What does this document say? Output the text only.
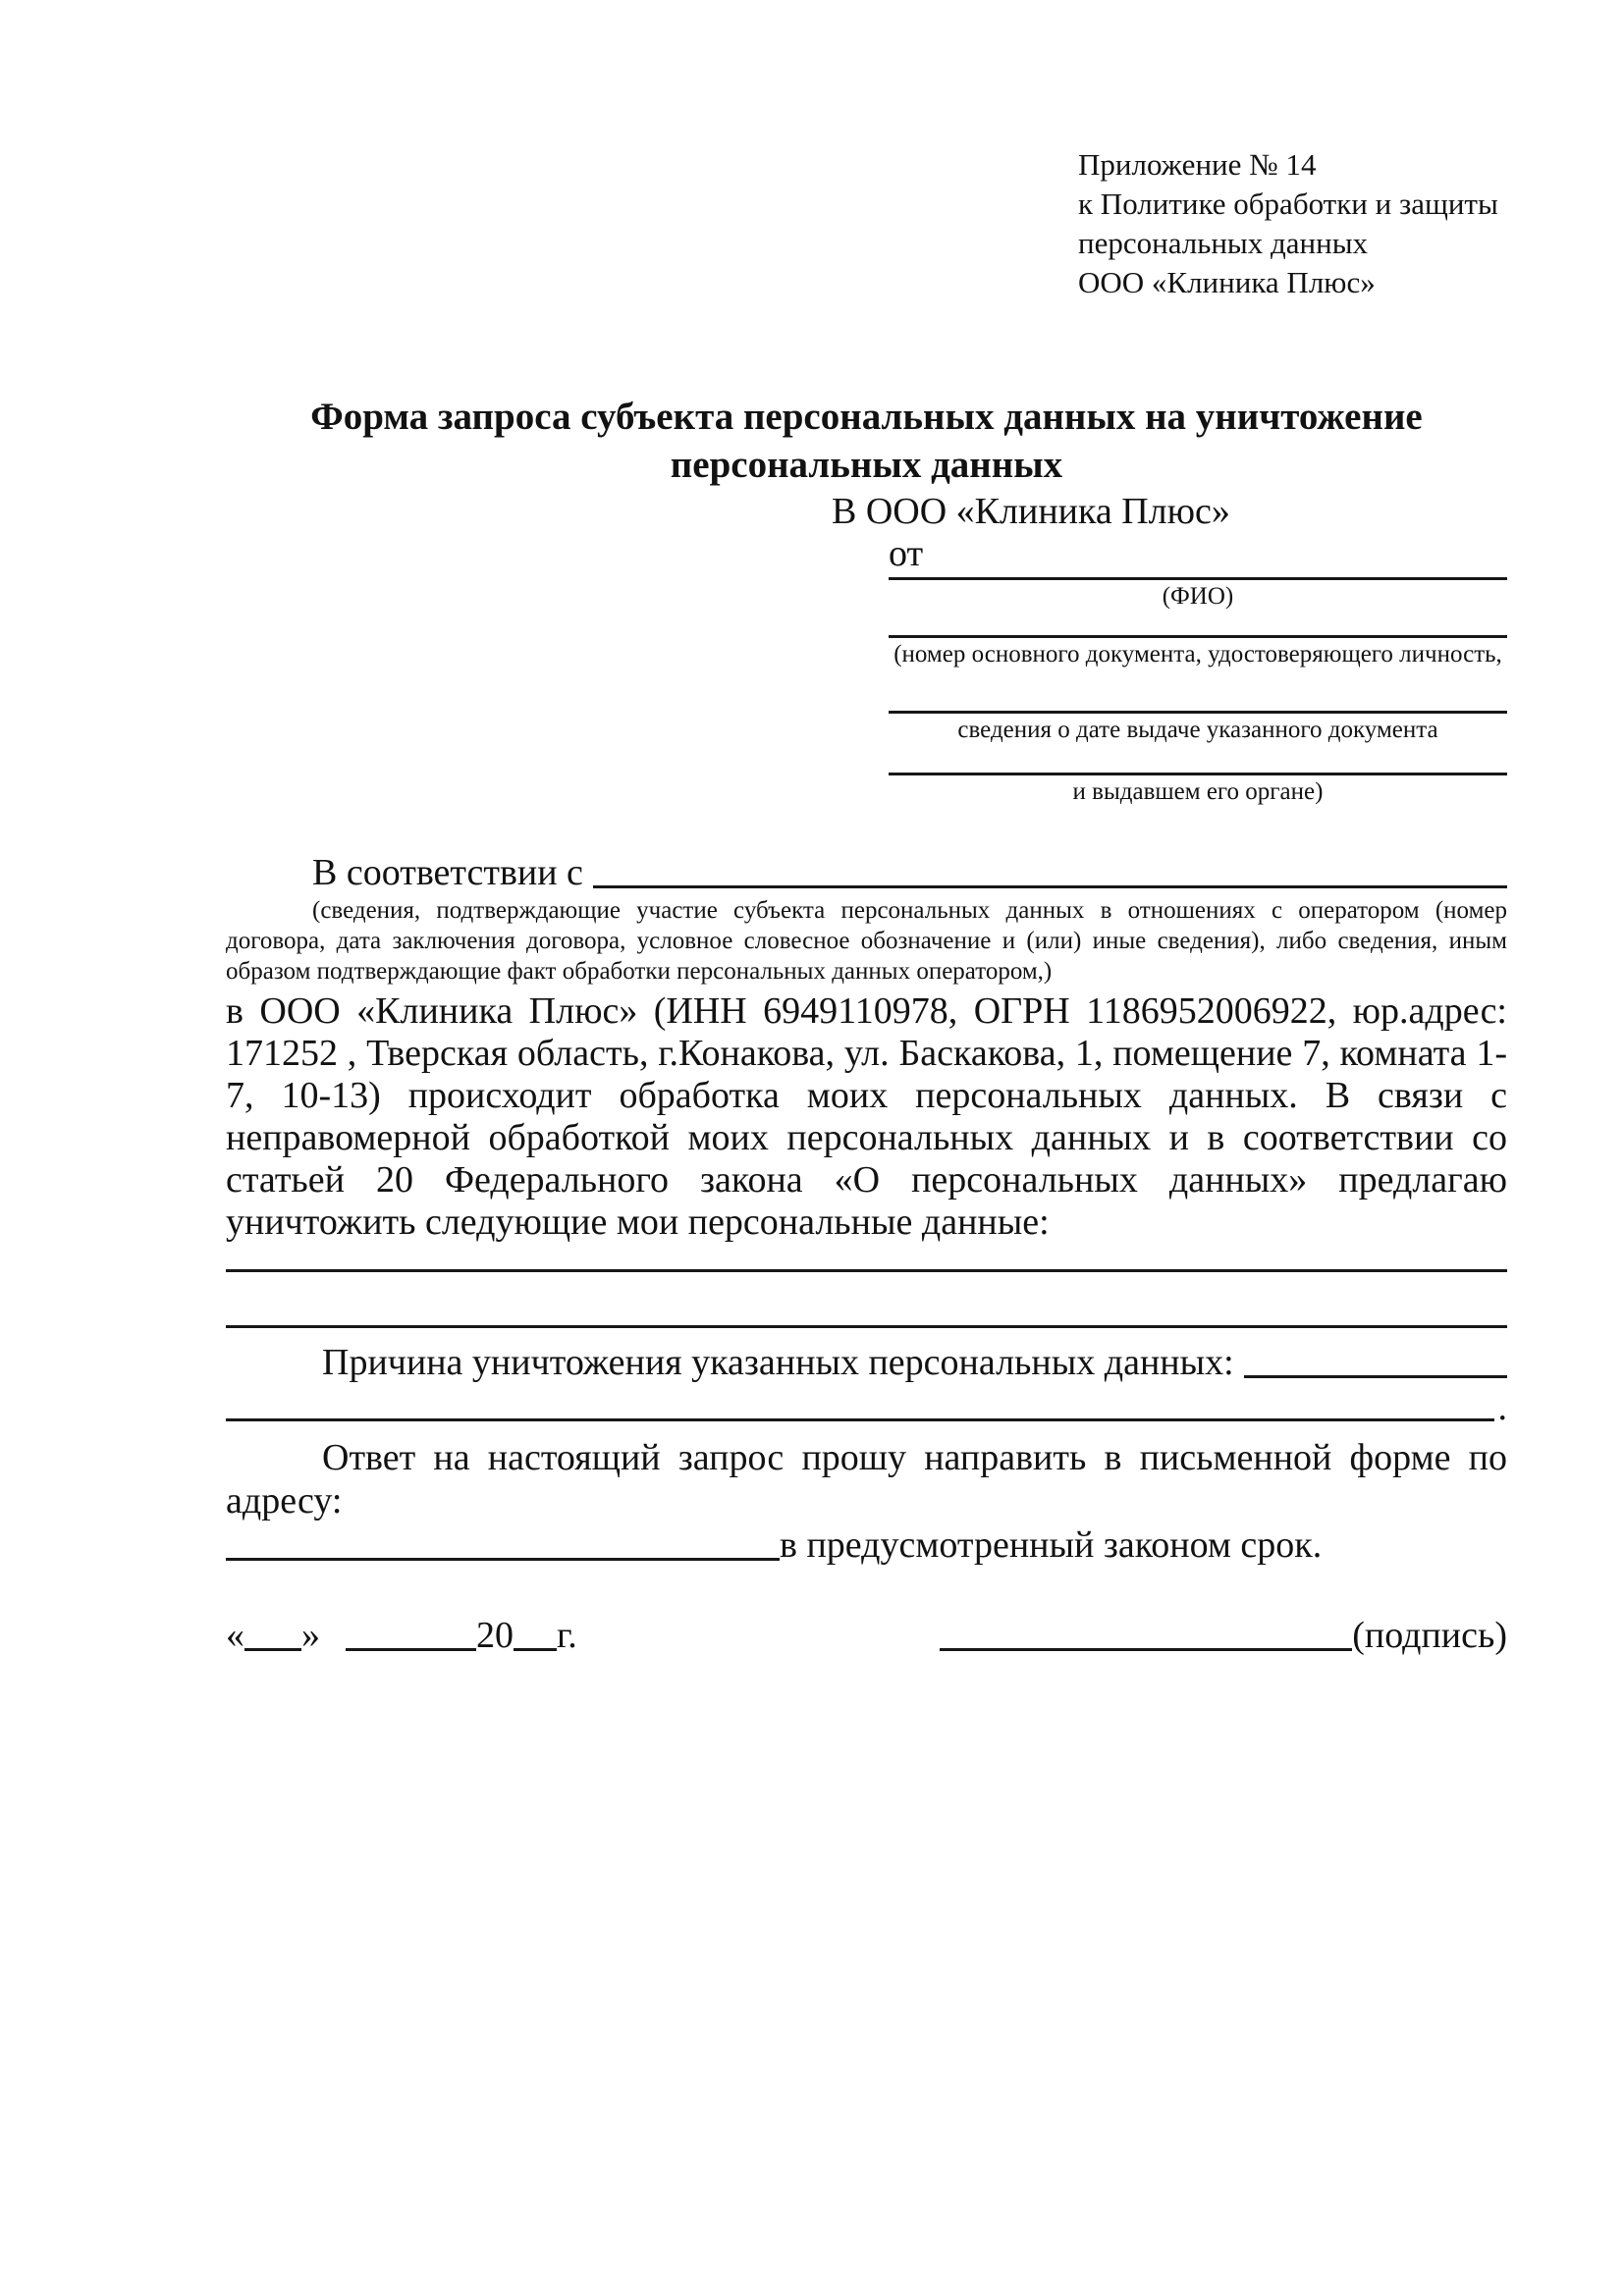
Приложение № 14
к Политике обработки и защиты
персональных данных
ООО «Клиника Плюс»
Форма запроса субъекта персональных данных на уничтожение персональных данных
В ООО «Клиника Плюс»
от
(ФИО)
(номер основного документа, удостоверяющего личность,
сведения о дате выдаче указанного документа
и выдавшем его органе)
В соответствии с
(сведения, подтверждающие участие субъекта персональных данных в отношениях с оператором (номер договора, дата заключения договора, условное словесное обозначение и (или) иные сведения), либо сведения, иным образом подтверждающие факт обработки персональных данных оператором,)
в ООО «Клиника Плюс» (ИНН 6949110978, ОГРН 1186952006922, юр.адрес: 171252 , Тверская область, г.Конакова, ул. Баскакова, 1, помещение 7, комната 1-7, 10-13) происходит обработка моих персональных данных. В связи с неправомерной обработкой моих персональных данных и в соответствии со статьей 20 Федерального закона «О персональных данных» предлагаю уничтожить следующие мои персональные данные:
Причина уничтожения указанных персональных данных:
.
Ответ на настоящий запрос прошу направить в письменной форме по адресу:
в предусмотренный законом срок.
« »	20 г.	(подпись)
